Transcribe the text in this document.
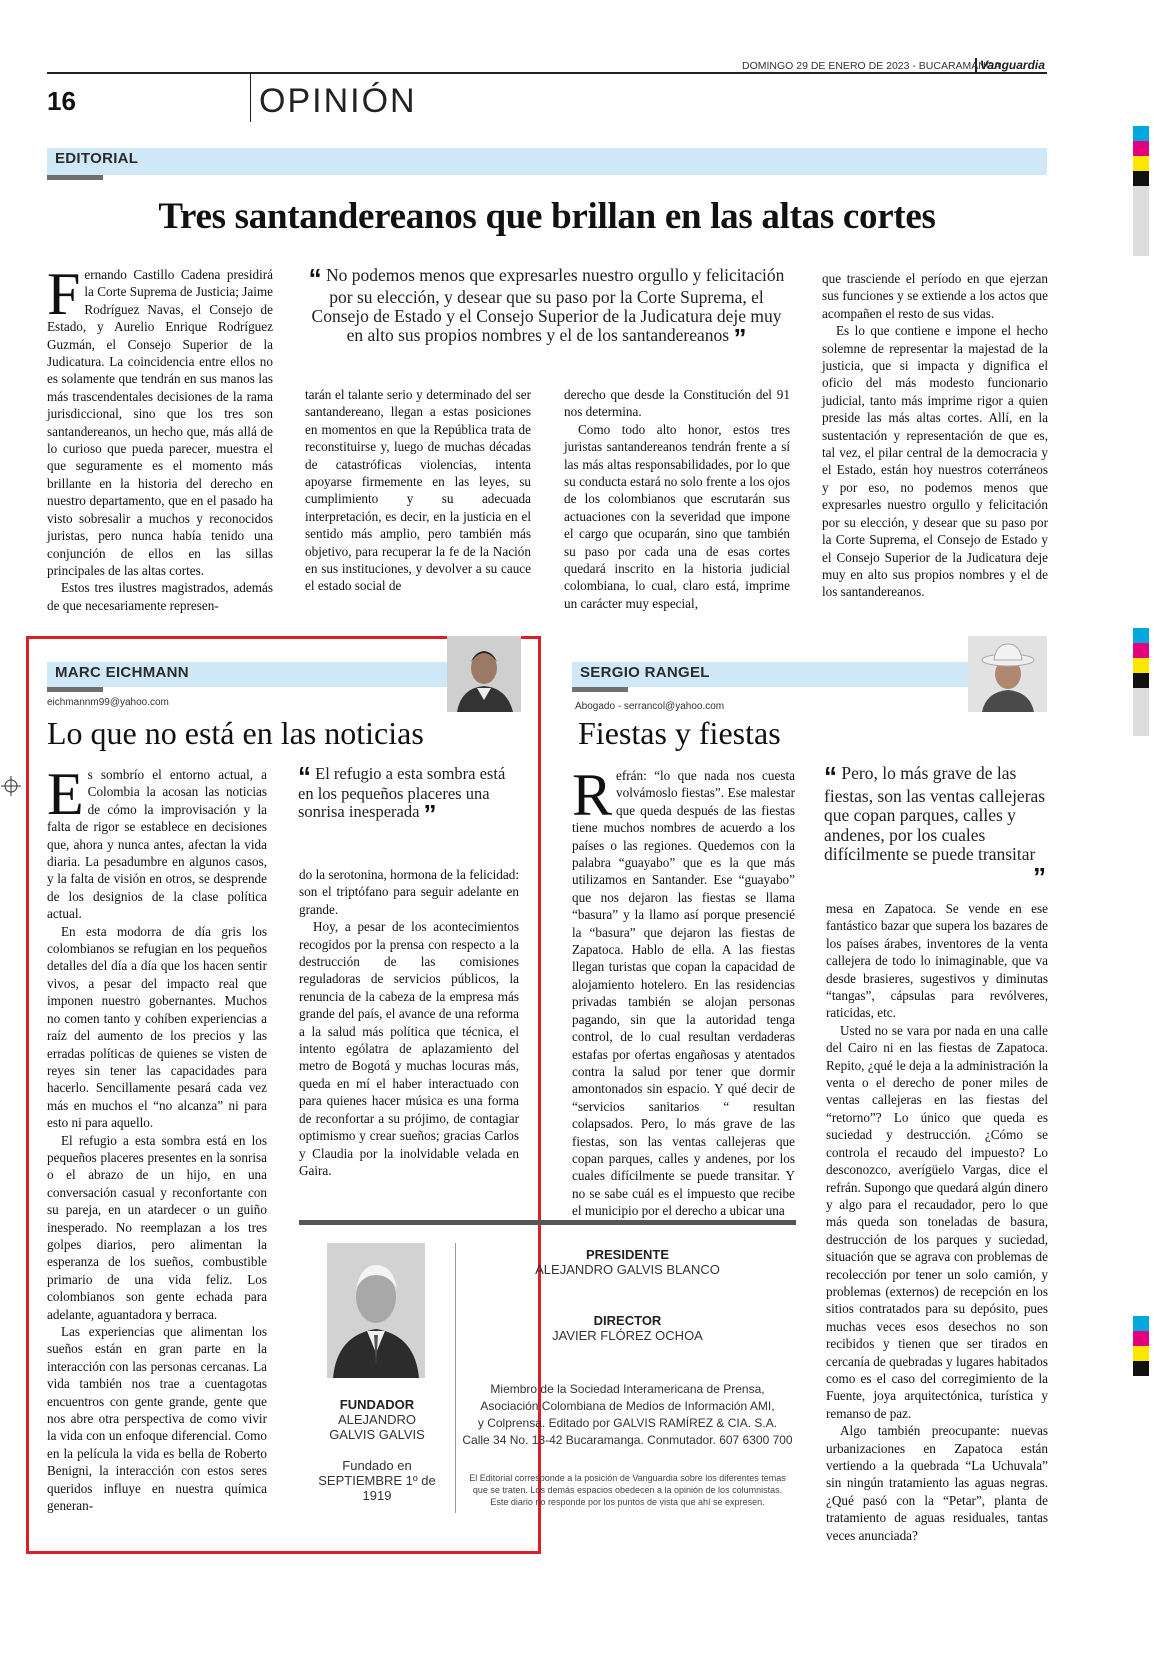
DOMINGO 29 DE ENERO DE 2023 - BUCARAMANGA
Vanguardia
16	OPINIÓN
EDITORIAL
Tres santandereanos que brillan en las altas cortes
F ernando Castillo Cadena presidirá la Corte Suprema de Justicia; Jaime Rodríguez Navas, el Consejo de Estado, y Aurelio Enrique Rodríguez Guzmán, el Consejo Superior de la Judicatura. La coincidencia entre ellos no es solamente que tendrán en sus manos las más trascendentales decisiones de la rama jurisdiccional, sino que los tres son santandereanos, un hecho que, más allá de lo curioso que pueda parecer, muestra el que seguramente es el momento más brillante en la historia del derecho en nuestro departamento, que en el pasado ha visto sobresalir a muchos y reconocidos juristas, pero nunca había tenido una conjunción de ellos en las sillas principales de las altas cortes.

Estos tres ilustres magistrados, además de que necesariamente represen-

“ No podemos menos que expresarles nuestro orgullo y felicitación por su elección, y desear que su paso por la Corte Suprema, el Consejo de Estado y el Consejo Superior de la Judicatura deje muy en alto sus propios nombres y el de los santandereanos ”

tarán el talante serio y determinado del ser santandereano, llegan a estas posiciones en momentos en que la República trata de reconstituirse y, luego de muchas décadas de catastróficas violencias, intenta apoyarse firmemente en las leyes, su cumplimiento y su adecuada interpretación, es decir, en la justicia en el sentido más amplio, pero también más objetivo, para recuperar la fe de la Nación en sus instituciones, y devolver a su cauce el estado social de

derecho que desde la Constitución del 91 nos determina.

Como todo alto honor, estos tres juristas santandereanos tendrán frente a sí las más altas responsabilidades, por lo que su conducta estará no solo frente a los ojos de los colombianos que escrutarán sus actuaciones con la severidad que impone el cargo que ocuparán, sino que también su paso por cada una de esas cortes quedará inscrito en la historia judicial colombiana, lo cual, claro está, imprime un carácter muy especial,

que trasciende el período en que ejerzan sus funciones y se extiende a los actos que acompañen el resto de sus vidas.

Es lo que contiene e impone el hecho solemne de representar la majestad de la justicia, que si impacta y dignifica el oficio del más modesto funcionario judicial, tanto más imprime rigor a quien preside las más altas cortes. Allí, en la sustentación y representación de que es, tal vez, el pilar central de la democracia y el Estado, están hoy nuestros coterráneos y por eso, no podemos menos que expresarles nuestro orgullo y felicitación por su elección, y desear que su paso por la Corte Suprema, el Consejo de Estado y el Consejo Superior de la Judicatura deje muy en alto sus propios nombres y el de los santandereanos.

MARC EICHMANN
eichmannm99@yahoo.com
Lo que no está en las noticias
E s sombrío el entorno actual, a Colombia la acosan las noticias de cómo la improvisación y la falta de rigor se establece en decisiones que, ahora y nunca antes, afectan la vida diaria. La pesadumbre en algunos casos, y la falta de visión en otros, se desprende de los designios de la clase política actual.

En esta modorra de día gris los colombianos se refugian en los pequeños detalles del día a día que los hacen sentir vivos, a pesar del impacto real que imponen nuestro gobernantes. Muchos no comen tanto y cohíben experiencias a raíz del aumento de los precios y las erradas políticas de quienes se visten de reyes sin tener las capacidades para hacerlo. Sencillamente pesará cada vez más en muchos el “no alcanza” ni para esto ni para aquello.

El refugio a esta sombra está en los pequeños placeres presentes en la sonrisa o el abrazo de un hijo, en una conversación casual y reconfortante con su pareja, en un atardecer o un guiño inesperado. No reemplazan a los tres golpes diarios, pero alimentan la esperanza de los sueños, combustible primario de una vida feliz. Los colombianos son gente echada para adelante, aguantadora y berraca.

Las experiencias que alimentan los sueños están en gran parte en la interacción con las personas cercanas. La vida también nos trae a cuentagotas encuentros con gente grande, gente que nos abre otra perspectiva de como vivir la vida con un enfoque diferencial. Como en la película la vida es bella de Roberto Benigni, la interacción con estos seres queridos influye en nuestra química generan-

“ El refugio a esta sombra está en los pequeños placeres una sonrisa inesperada ”

do la serotonina, hormona de la felicidad: son el triptófano para seguir adelante en grande.

Hoy, a pesar de los acontecimientos recogidos por la prensa con respecto a la destrucción de las comisiones reguladoras de servicios públicos, la renuncia de la cabeza de la empresa más grande del país, el avance de una reforma a la salud más política que técnica, el intento ególatra de aplazamiento del metro de Bogotá y muchas locuras más, queda en mí el haber interactuado con para quienes hacer música es una forma de reconfortar a su prójimo, de contagiar optimismo y crear sueños; gracias Carlos y Claudia por la inolvidable velada en Gaira.

SERGIO RANGEL
Abogado - serrancol@yahoo.com
Fiestas y fiestas
R efrán: “lo que nada nos cuesta volvámoslo fiestas”. Ese malestar que queda después de las fiestas tiene muchos nombres de acuerdo a los países o las regiones. Quedemos con la palabra “guayabo” que es la que más utilizamos en Santander. Ese “guayabo” que nos dejaron las fiestas se llama “basura” y la llamo así porque presencié la “basura” que dejaron las fiestas de Zapatoca. Hablo de ella. A las fiestas llegan turistas que copan la capacidad de alojamiento hotelero. En las residencias privadas también se alojan personas pagando, sin que la autoridad tenga control, de lo cual resultan verdaderas estafas por ofertas engañosas y atentados contra la salud por tener que dormir amontonados sin espacio. Y qué decir de “servicios sanitarios “ resultan colapsados. Pero, lo más grave de las fiestas, son las ventas callejeras que copan parques, calles y andenes, por los cuales difícilmente se puede transitar. Y no se sabe cuál es el impuesto que recibe el municipio por el derecho a ubicar una

“ Pero, lo más grave de las fiestas, son las ventas callejeras que copan parques, calles y andenes, por los cuales difícilmente se puede transitar
”

mesa en Zapatoca. Se vende en ese fantástico bazar que supera los bazares de los países árabes, inventores de la venta callejera de todo lo inimaginable, que va desde brasieres, sugestivos y diminutas “tangas”, cápsulas para revólveres, raticidas, etc.

Usted no se vara por nada en una calle del Cairo ni en las fiestas de Zapatoca. Repito, ¿qué le deja a la administración la venta o el derecho de poner miles de ventas callejeras en las fiestas del “retorno”? Lo único que queda es suciedad y destrucción. ¿Cómo se controla el recaudo del impuesto? Lo desconozco, averígüelo Vargas, dice el refrán. Supongo que quedará algún dinero y algo para el recaudador, pero lo que más queda son toneladas de basura, destrucción de los parques y suciedad, situación que se agrava con problemas de recolección por tener un solo camión, y problemas (externos) de recepción en los sitios contratados para su depósito, pues muchas veces esos desechos no son recibidos y tienen que ser tirados en cercanía de quebradas y lugares habitados como es el caso del corregimiento de la Fuente, joya arquitectónica, turística y remanso de paz.

Algo también preocupante: nuevas urbanizaciones en Zapatoca están vertiendo a la quebrada “La Uchuvala” sin ningún tratamiento las aguas negras. ¿Qué pasó con la “Petar”, planta de tratamiento de aguas residuales, tantas veces anunciada?

FUNDADOR
ALEJANDRO
GALVIS GALVIS
Fundado en
SEPTIEMBRE 1º de 1919
PRESIDENTE
ALEJANDRO GALVIS BLANCO
DIRECTOR
JAVIER FLÓREZ OCHOA
Miembro de la Sociedad Interamericana de Prensa,
Asociación Colombiana de Medios de Información AMI,
y Colprensa. Editado por GALVIS RAMÍREZ & CIA. S.A.
Calle 34 No. 13-42 Bucaramanga. Conmutador. 607 6300 700
El Editorial corresponde a la posición de Vanguardia sobre los diferentes temas
que se traten. Los demás espacios obedecen a la opinión de los columnistas.
Este diario no responde por los puntos de vista que ahí se expresen.
